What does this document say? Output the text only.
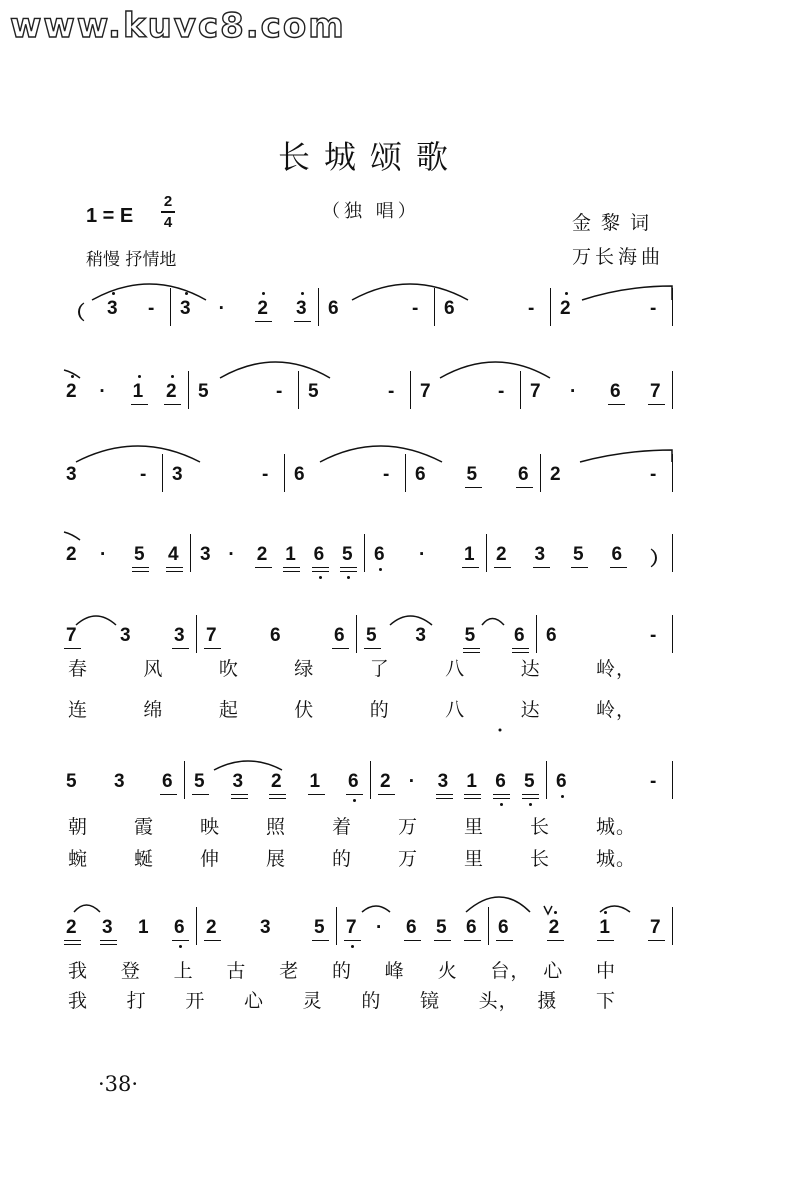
www.kuvc8.com
长城颂歌
（独 唱）
1 = E
2
4
稍慢 抒情地
金黎词
万长海曲
（ 3 - 3 · 2 3 6	- 6	- 2	-
2 · 1 2 5	- 5	- 7	- 7 · 6 7
3	- 3	- 6	- 6 5 6 2	-
2 · 5 4 3 · 2 1 6 5 6 · 1 2 3 5 6 ）
7 3 3 7	6	6 5 3 5 6 6	-
春	风	吹	绿	了	八	达	岭，
连	绵	起	伏	的	八	达	岭，
5 3 6 5 3 2 1 6 2 · 3 1 6 5 6	-
朝 霞 映 照 着 万 里 长 城。
蜿 蜒 伸 展 的 万 里 长 城。
2 3 1 6 2 3 5 7 · 6 5 6 6 2 1 7
我 登 上 古 老 的 峰 火 台， 心 中
我 打 开 心 灵 的 镜 头， 摄 下
·38·
